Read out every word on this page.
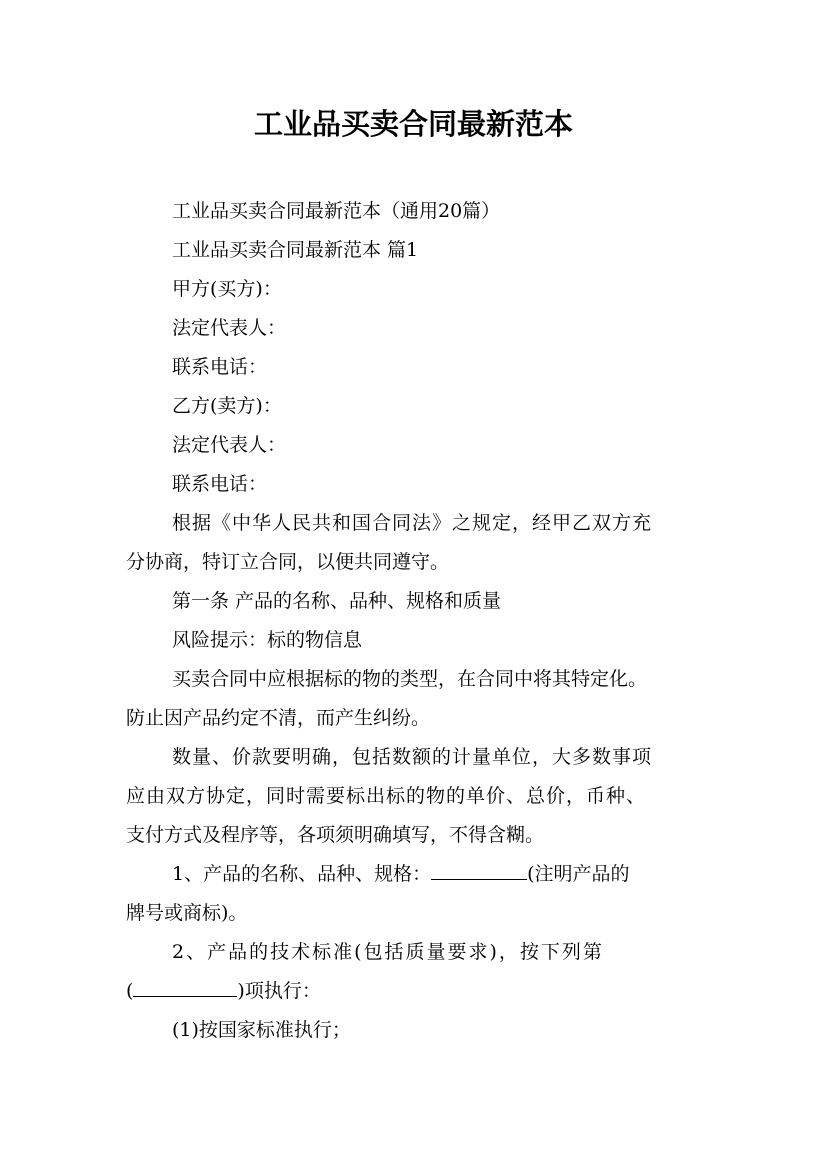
工业品买卖合同最新范本
工业品买卖合同最新范本（通用20篇）
工业品买卖合同最新范本 篇1
甲方(买方)：
法定代表人：
联系电话：
乙方(卖方)：
法定代表人：
联系电话：
根据《中华人民共和国合同法》之规定，经甲乙双方充
分协商，特订立合同，以便共同遵守。
第一条 产品的名称、品种、规格和质量
风险提示：标的物信息
买卖合同中应根据标的物的类型，在合同中将其特定化。
防止因产品约定不清，而产生纠纷。
数量、价款要明确，包括数额的计量单位，大多数事项
应由双方协定，同时需要标出标的物的单价、总价，币种、
支付方式及程序等，各项须明确填写，不得含糊。
1、产品的名称、品种、规格：	(注明产品的
牌号或商标)。
2、产品的技术标准(包括质量要求)，按下列第
(	)项执行：
(1)按国家标准执行；
